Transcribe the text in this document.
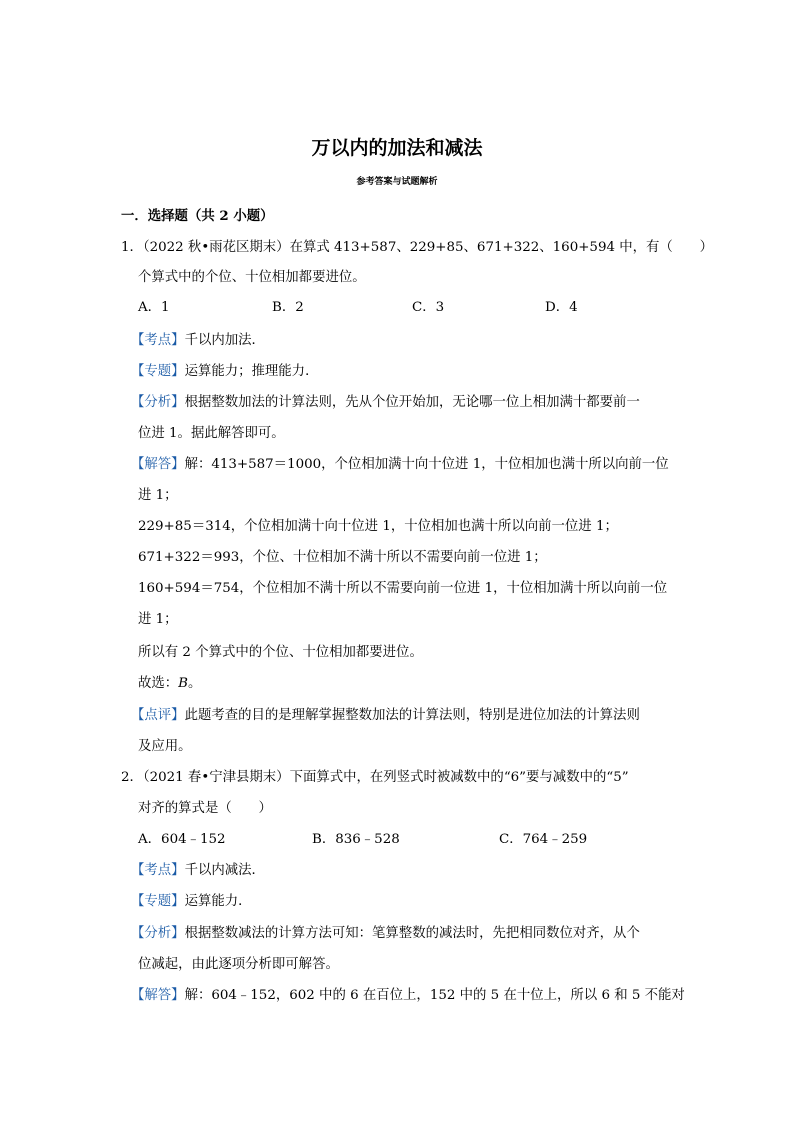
万以内的加法和减法
参考答案与试题解析
一．选择题（共 2 小题）
1．（2022 秋•雨花区期末）在算式 413+587、229+85、671+322、160+594 中，有（　　）
个算式中的个位、十位相加都要进位。
A．1	B．2	C．3	D．4
【考点】千以内加法．
【专题】运算能力；推理能力．
【分析】根据整数加法的计算法则，先从个位开始加，无论哪一位上相加满十都要前一
位进 1。据此解答即可。
【解答】解：413+587＝1000，个位相加满十向十位进 1，十位相加也满十所以向前一位
进 1；
229+85＝314，个位相加满十向十位进 1，十位相加也满十所以向前一位进 1；
671+322＝993，个位、十位相加不满十所以不需要向前一位进 1；
160+594＝754，个位相加不满十所以不需要向前一位进 1，十位相加满十所以向前一位
进 1；
所以有 2 个算式中的个位、十位相加都要进位。
故选：B。
【点评】此题考查的目的是理解掌握整数加法的计算法则，特别是进位加法的计算法则
及应用。
2．（2021 春•宁津县期末）下面算式中，在列竖式时被减数中的“6”要与减数中的“5”
对齐的算式是（　　）
A．604﹣152	B．836﹣528	C．764﹣259
【考点】千以内减法．
【专题】运算能力．
【分析】根据整数减法的计算方法可知：笔算整数的减法时，先把相同数位对齐，从个
位减起，由此逐项分析即可解答。
【解答】解：604﹣152，602 中的 6 在百位上，152 中的 5 在十位上，所以 6 和 5 不能对
